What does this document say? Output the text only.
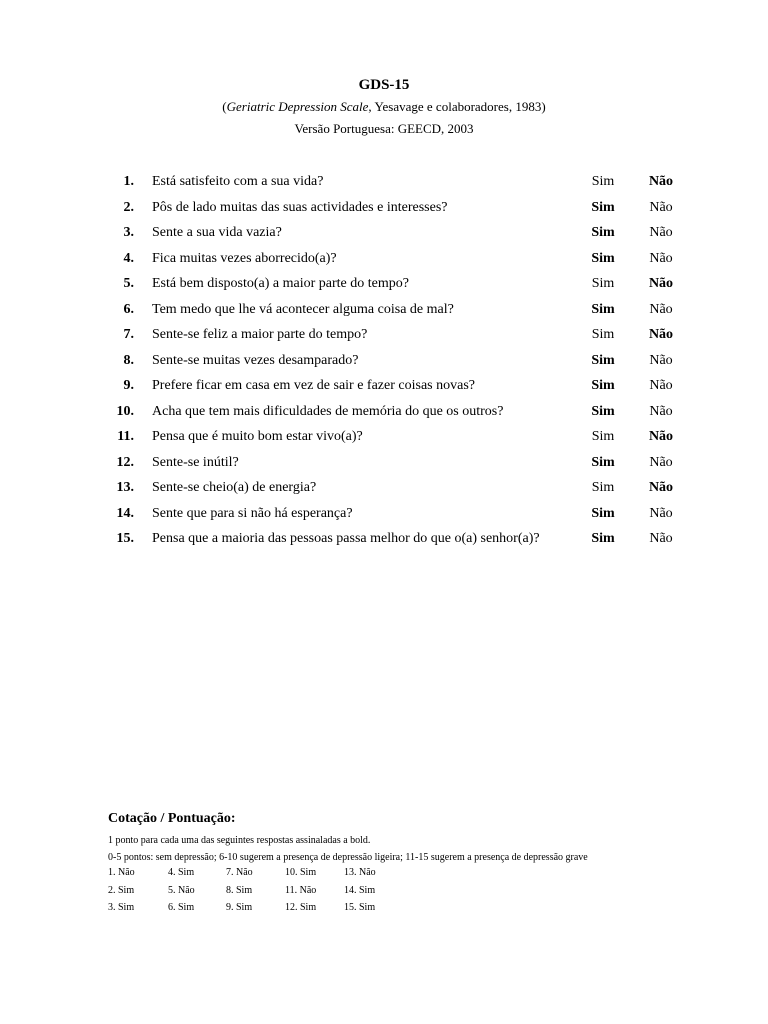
GDS-15
(Geriatric Depression Scale, Yesavage e colaboradores, 1983)
Versão Portuguesa: GEECD, 2003
1. Está satisfeito com a sua vida?	Sim	Não
2. Pôs de lado muitas das suas actividades e interesses?	Sim	Não
3. Sente a sua vida vazia?	Sim	Não
4. Fica muitas vezes aborrecido(a)?	Sim	Não
5. Está bem disposto(a) a maior parte do tempo?	Sim	Não
6. Tem medo que lhe vá acontecer alguma coisa de mal?	Sim	Não
7. Sente-se feliz a maior parte do tempo?	Sim	Não
8. Sente-se muitas vezes desamparado?	Sim	Não
9. Prefere ficar em casa em vez de sair e fazer coisas novas?	Sim	Não
10. Acha que tem mais dificuldades de memória do que os outros?	Sim	Não
11. Pensa que é muito bom estar vivo(a)?	Sim	Não
12. Sente-se inútil?	Sim	Não
13. Sente-se cheio(a) de energia?	Sim	Não
14. Sente que para si não há esperança?	Sim	Não
15. Pensa que a maioria das pessoas passa melhor do que o(a) senhor(a)?	Sim	Não
Cotação / Pontuação:
1 ponto para cada uma das seguintes respostas assinaladas a bold.
0-5 pontos: sem depressão; 6-10 sugerem a presença de depressão ligeira; 11-15 sugerem a presença de depressão grave
1. Não	4. Sim	7. Não	10. Sim	13. Não
2. Sim	5. Não	8. Sim	11. Não	14. Sim
3. Sim	6. Sim	9. Sim	12. Sim	15. Sim
